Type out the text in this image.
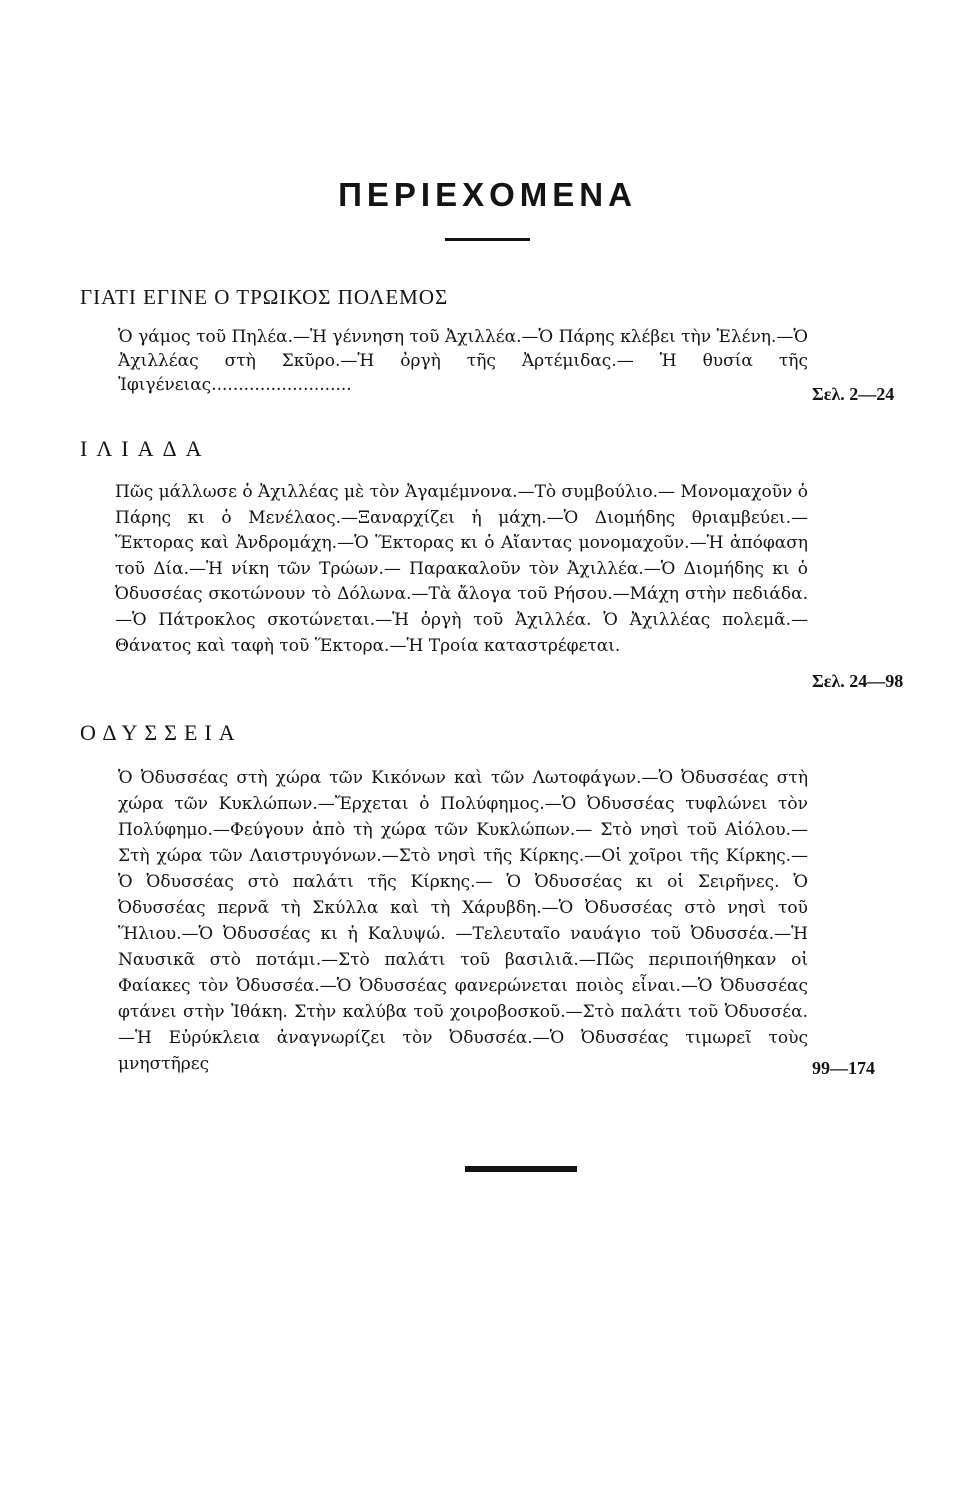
ΠΕΡΙΕΧΟΜΕΝΑ
ΓΙΑΤΙ ΕΓΙΝΕ Ο ΤΡΩΙΚΟΣ ΠΟΛΕΜΟΣ

Ὁ γάμος τοῦ Πηλέα.—Ἡ γέννηση τοῦ Ἀχιλλέα.—Ὁ Πάρης κλέβει τὴν Ἑλένη.—Ὁ Ἀχιλλέας στὴ Σκῦρο.—Ἡ ὀργὴ τῆς Ἀρτέμιδας.— Ἡ θυσία τῆς Ἰφιγένειας..........................	Σελ. 2—24
ΙΛΙΑΔΑ

Πῶς μάλλωσε ὁ Ἀχιλλέας μὲ τὸν Ἀγαμέμνονα.—Τὸ συμβούλιο.— Μονομαχοῦν ὁ Πάρης κι ὁ Μενέλαος.—Ξαναρχίζει ἡ μάχη.—Ὁ Διομήδης θριαμβεύει.—Ἕκτορας καὶ Ἀνδρομάχη.—Ὁ Ἕκτορας κι ὁ Αἴαντας μονομαχοῦν.—Ἡ ἀπόφαση τοῦ Δία.—Ἡ νίκη τῶν Τρώων.— Παρακαλοῦν τὸν Ἀχιλλέα.—Ὁ Διομήδης κι ὁ Ὀδυσσέας σκοτώνουν τὸ Δόλωνα.—Τὰ ἄλογα τοῦ Ρήσου.—Μάχη στὴν πεδιάδα.—Ὁ Πάτροκλος σκοτώνεται.—Ἡ ὀργὴ τοῦ Ἀχιλλέα. Ὁ Ἀχιλλέας πολεμᾶ.—Θάνατος καὶ ταφὴ τοῦ Ἕκτορα.—Ἡ Τροία καταστρέφεται.

Σελ. 24—98
ΟΔΥΣΣΕΙΑ

Ὁ Ὀδυσσέας στὴ χώρα τῶν Κικόνων καὶ τῶν Λωτοφάγων.—Ὁ Ὀδυσσέας στὴ χώρα τῶν Κυκλώπων.—Ἔρχεται ὁ Πολύφημος.—Ὁ Ὀδυσσέας τυφλώνει τὸν Πολύφημο.—Φεύγουν ἀπὸ τὴ χώρα τῶν Κυκλώπων.— Στὸ νησὶ τοῦ Αἰόλου.—Στὴ χώρα τῶν Λαιστρυγόνων.—Στὸ νησὶ τῆς Κίρκης.—Οἱ χοῖροι τῆς Κίρκης.—Ὁ Ὀδυσσέας στὸ παλάτι τῆς Κίρκης.— Ὁ Ὀδυσσέας κι οἱ Σειρῆνες. Ὁ Ὀδυσσέας περνᾶ τὴ Σκύλλα καὶ τὴ Χάρυβδη.—Ὁ Ὀδυσσέας στὸ νησὶ τοῦ Ἥλιου.—Ὁ Ὀδυσσέας κι ἡ Καλυψώ. —Τελευταῖο ναυάγιο τοῦ Ὀδυσσέα.—Ἡ Ναυσικᾶ στὸ ποτάμι.—Στὸ παλάτι τοῦ βασιλιᾶ.—Πῶς περιποιήθηκαν οἱ Φαίακες τὸν Ὀδυσσέα.—Ὁ Ὀδυσσέας φανερώνεται ποιὸς εἶναι.—Ὁ Ὀδυσσέας φτάνει στὴν Ἰθάκη. Στὴν καλύβα τοῦ χοιροβοσκοῦ.—Στὸ παλάτι τοῦ Ὀδυσσέα.—Ἡ Εὐρύκλεια ἀναγνωρίζει τὸν Ὀδυσσέα.—Ὁ Ὀδυσσέας τιμωρεῖ τοὺς μνηστῆρες	99—174
